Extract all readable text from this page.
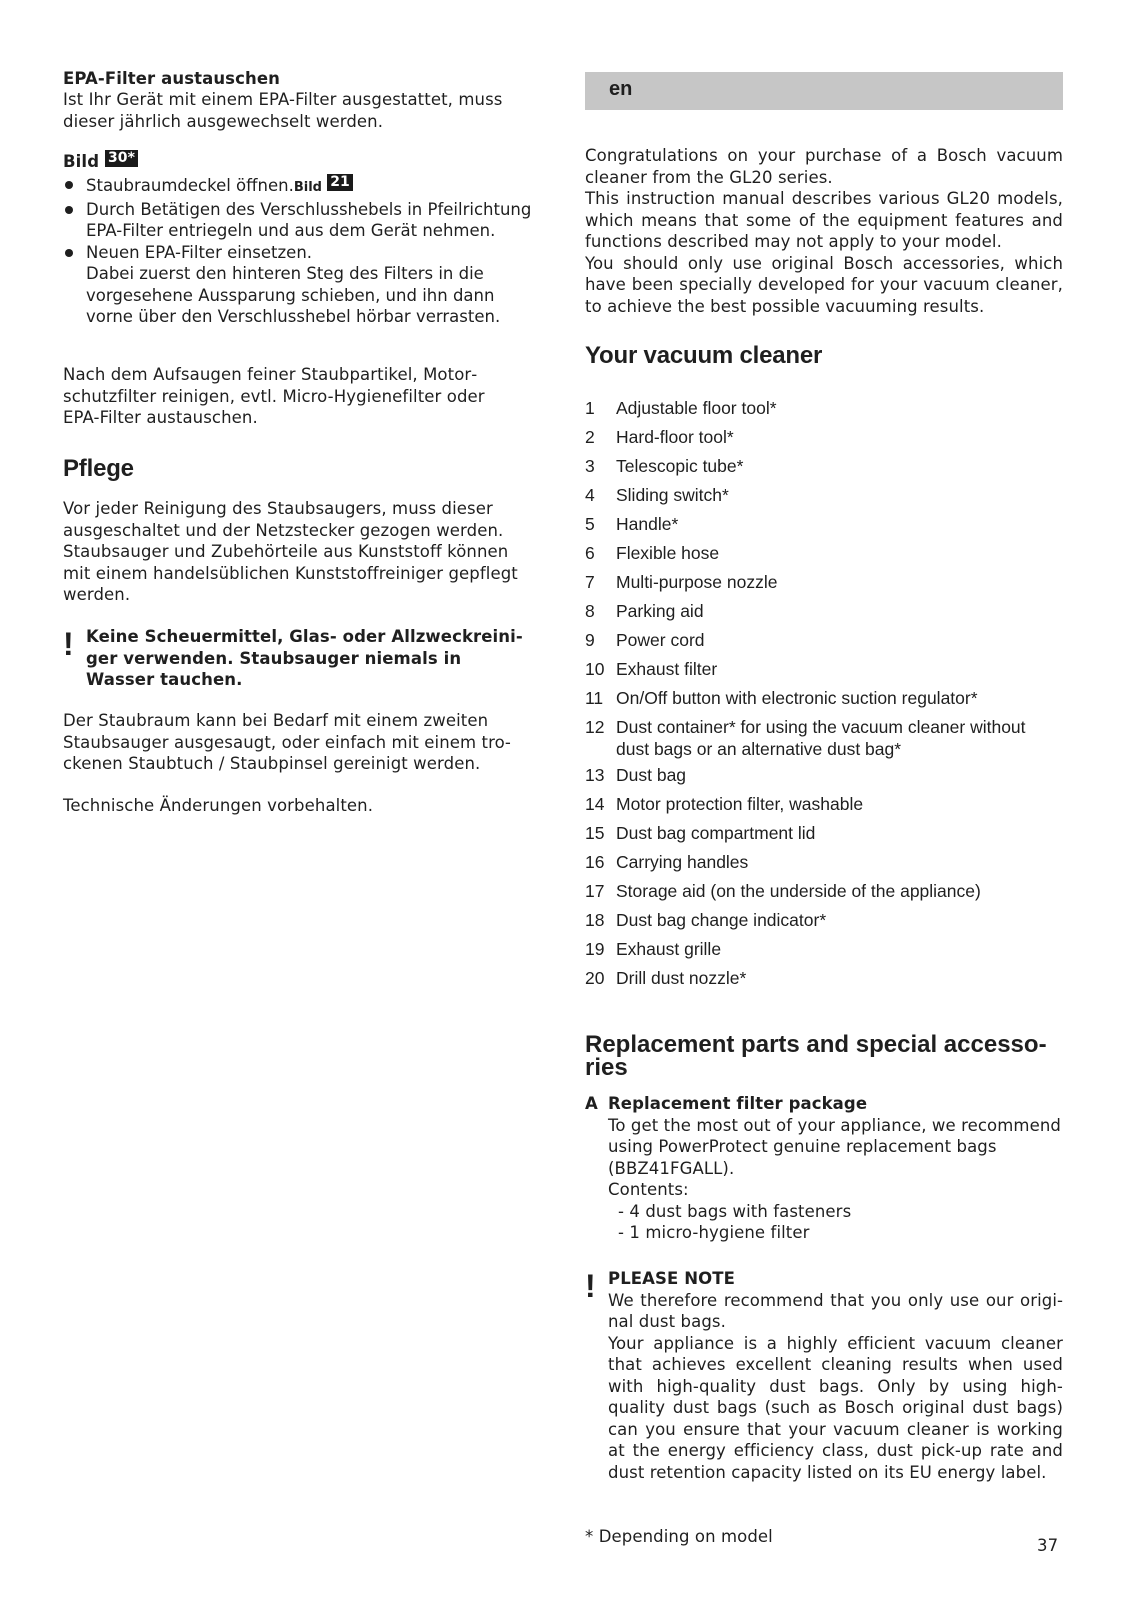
EPA-Filter austauschen

Ist Ihr Gerät mit einem EPA-Filter ausgestattet, muss dieser jährlich ausgewechselt werden.

Bild 30*

Staubraumdeckel öffnen.Bild 21
Durch Betätigen des Verschlusshebels in Pfeilrichtung EPA-Filter entriegeln und aus dem Gerät nehmen.
Neuen EPA-Filter einsetzen.
Dabei zuerst den hinteren Steg des Filters in die vorgesehene Aussparung schieben, und ihn dann vorne über den Verschlusshebel hörbar verrasten.

Nach dem Aufsaugen feiner Staubpartikel, Motorschutzfilter reinigen, evtl. Micro-Hygienefilter oder EPA-Filter austauschen.

Pflege

Vor jeder Reinigung des Staubsaugers, muss dieser ausgeschaltet und der Netzstecker gezogen werden. Staubsauger und Zubehörteile aus Kunststoff können mit einem handelsüblichen Kunststoffreiniger gepflegt werden.

! Keine Scheuermittel, Glas- oder Allzweckreiniger verwenden. Staubsauger niemals in Wasser tauchen.

Der Staubraum kann bei Bedarf mit einem zweiten Staubsauger ausgesaugt, oder einfach mit einem trockenen Staubtuch / Staubpinsel gereinigt werden.

Technische Änderungen vorbehalten.

en

Congratulations on your purchase of a Bosch vacuum cleaner from the GL20 series.
This instruction manual describes various GL20 models, which means that some of the equipment features and functions described may not apply to your model.
You should only use original Bosch accessories, which have been specially developed for your vacuum cleaner, to achieve the best possible vacuuming results.

Your vacuum cleaner
1	Adjustable floor tool*
2	Hard-floor tool*
3	Telescopic tube*
4	Sliding switch*
5	Handle*
6	Flexible hose
7	Multi-purpose nozzle
8	Parking aid
9	Power cord
10 Exhaust filter
11 On/Off button with electronic suction regulator*
12 Dust container* for using the vacuum cleaner without dust bags or an alternative dust bag*
13 Dust bag
14 Motor protection filter, washable
15 Dust bag compartment lid
16 Carrying handles
17 Storage aid (on the underside of the appliance)
18 Dust bag change indicator*
19 Exhaust grille
20 Drill dust nozzle*
Replacement parts and special accessories

A Replacement filter package

To get the most out of your appliance, we recommend using PowerProtect genuine replacement bags (BBZ41FGALL).

Contents:

- 4 dust bags with fasteners

- 1 micro-hygiene filter

! PLEASE NOTE

We therefore recommend that you only use our original dust bags.

Your appliance is a highly efficient vacuum cleaner that achieves excellent cleaning results when used with high-quality dust bags. Only by using high-quality dust bags (such as Bosch original dust bags) can you ensure that your vacuum cleaner is working at the energy efficiency class, dust pick-up rate and dust retention capacity listed on its EU energy label.

* Depending on model	37
